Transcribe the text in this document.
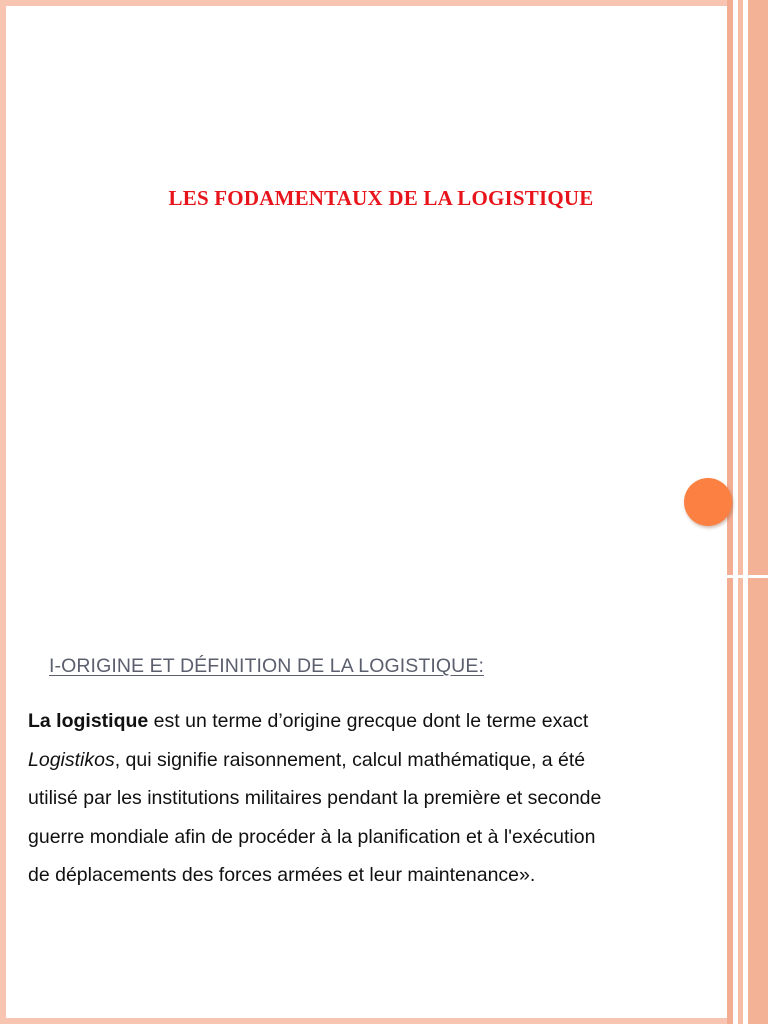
LES FODAMENTAUX DE LA LOGISTIQUE
I-ORIGINE ET DÉFINITION DE LA LOGISTIQUE:

La logistique est un terme d’origine grecque dont le terme exact
Logistikos, qui signifie raisonnement, calcul mathématique, a été
utilisé par les institutions militaires pendant la première et seconde
guerre mondiale afin de procéder à la planification et à l'exécution
de déplacements des forces armées et leur maintenance».
